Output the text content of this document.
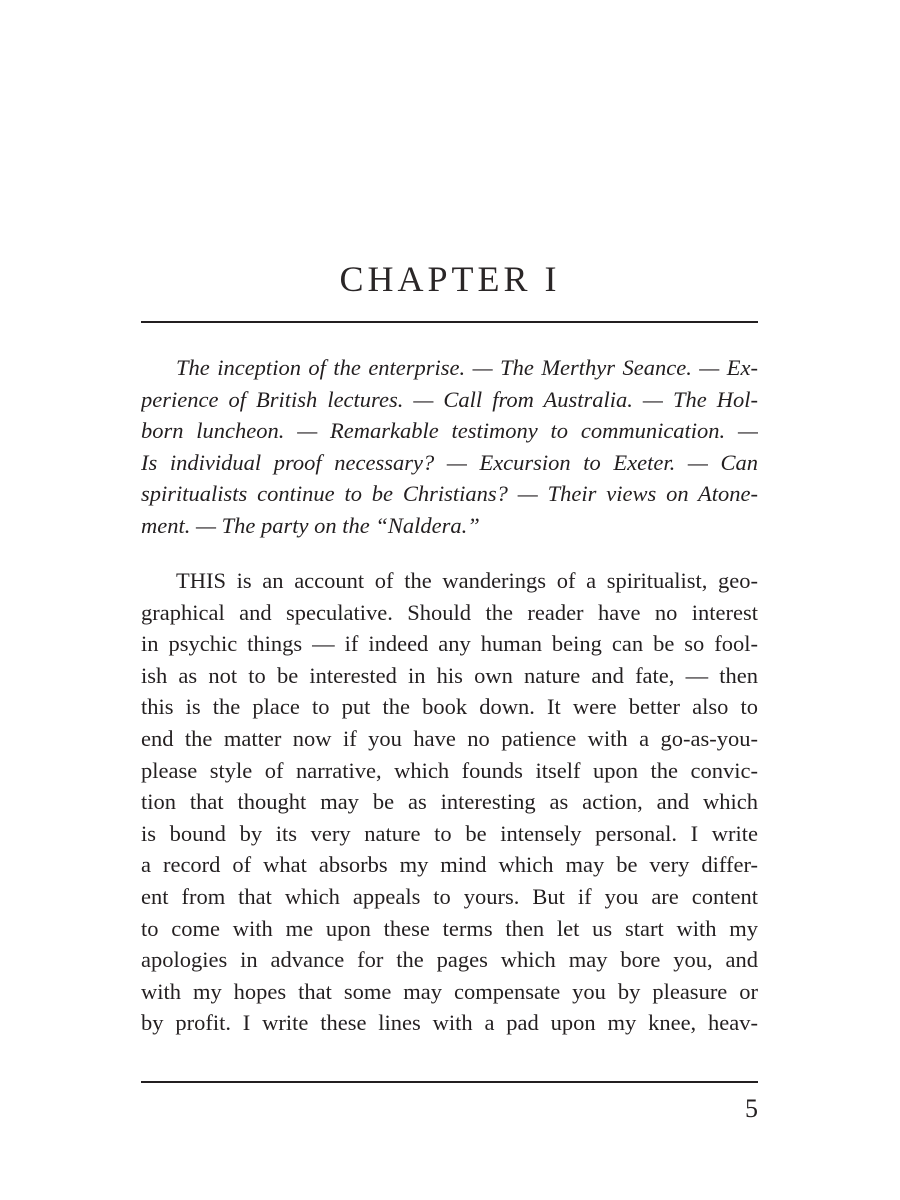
CHAPTER I
The inception of the enterprise. — The Merthyr Seance. — Ex-
perience of British lectures. — Call from Australia. — The Hol-
born luncheon. — Remarkable testimony to communication. —
Is individual proof necessary? — Excursion to Exeter. — Can
spiritualists continue to be Christians? — Their views on Atone-
ment. — The party on the “Naldera.”
THIS is an account of the wanderings of a spiritualist, geo-
graphical and speculative. Should the reader have no interest
in psychic things — if indeed any human being can be so fool-
ish as not to be interested in his own nature and fate, — then
this is the place to put the book down. It were better also to
end the matter now if you have no patience with a go-as-you-
please style of narrative, which founds itself upon the convic-
tion that thought may be as interesting as action, and which
is bound by its very nature to be intensely personal. I write
a record of what absorbs my mind which may be very differ-
ent from that which appeals to yours. But if you are content
to come with me upon these terms then let us start with my
apologies in advance for the pages which may bore you, and
with my hopes that some may compensate you by pleasure or
by profit. I write these lines with a pad upon my knee, heav-
5
